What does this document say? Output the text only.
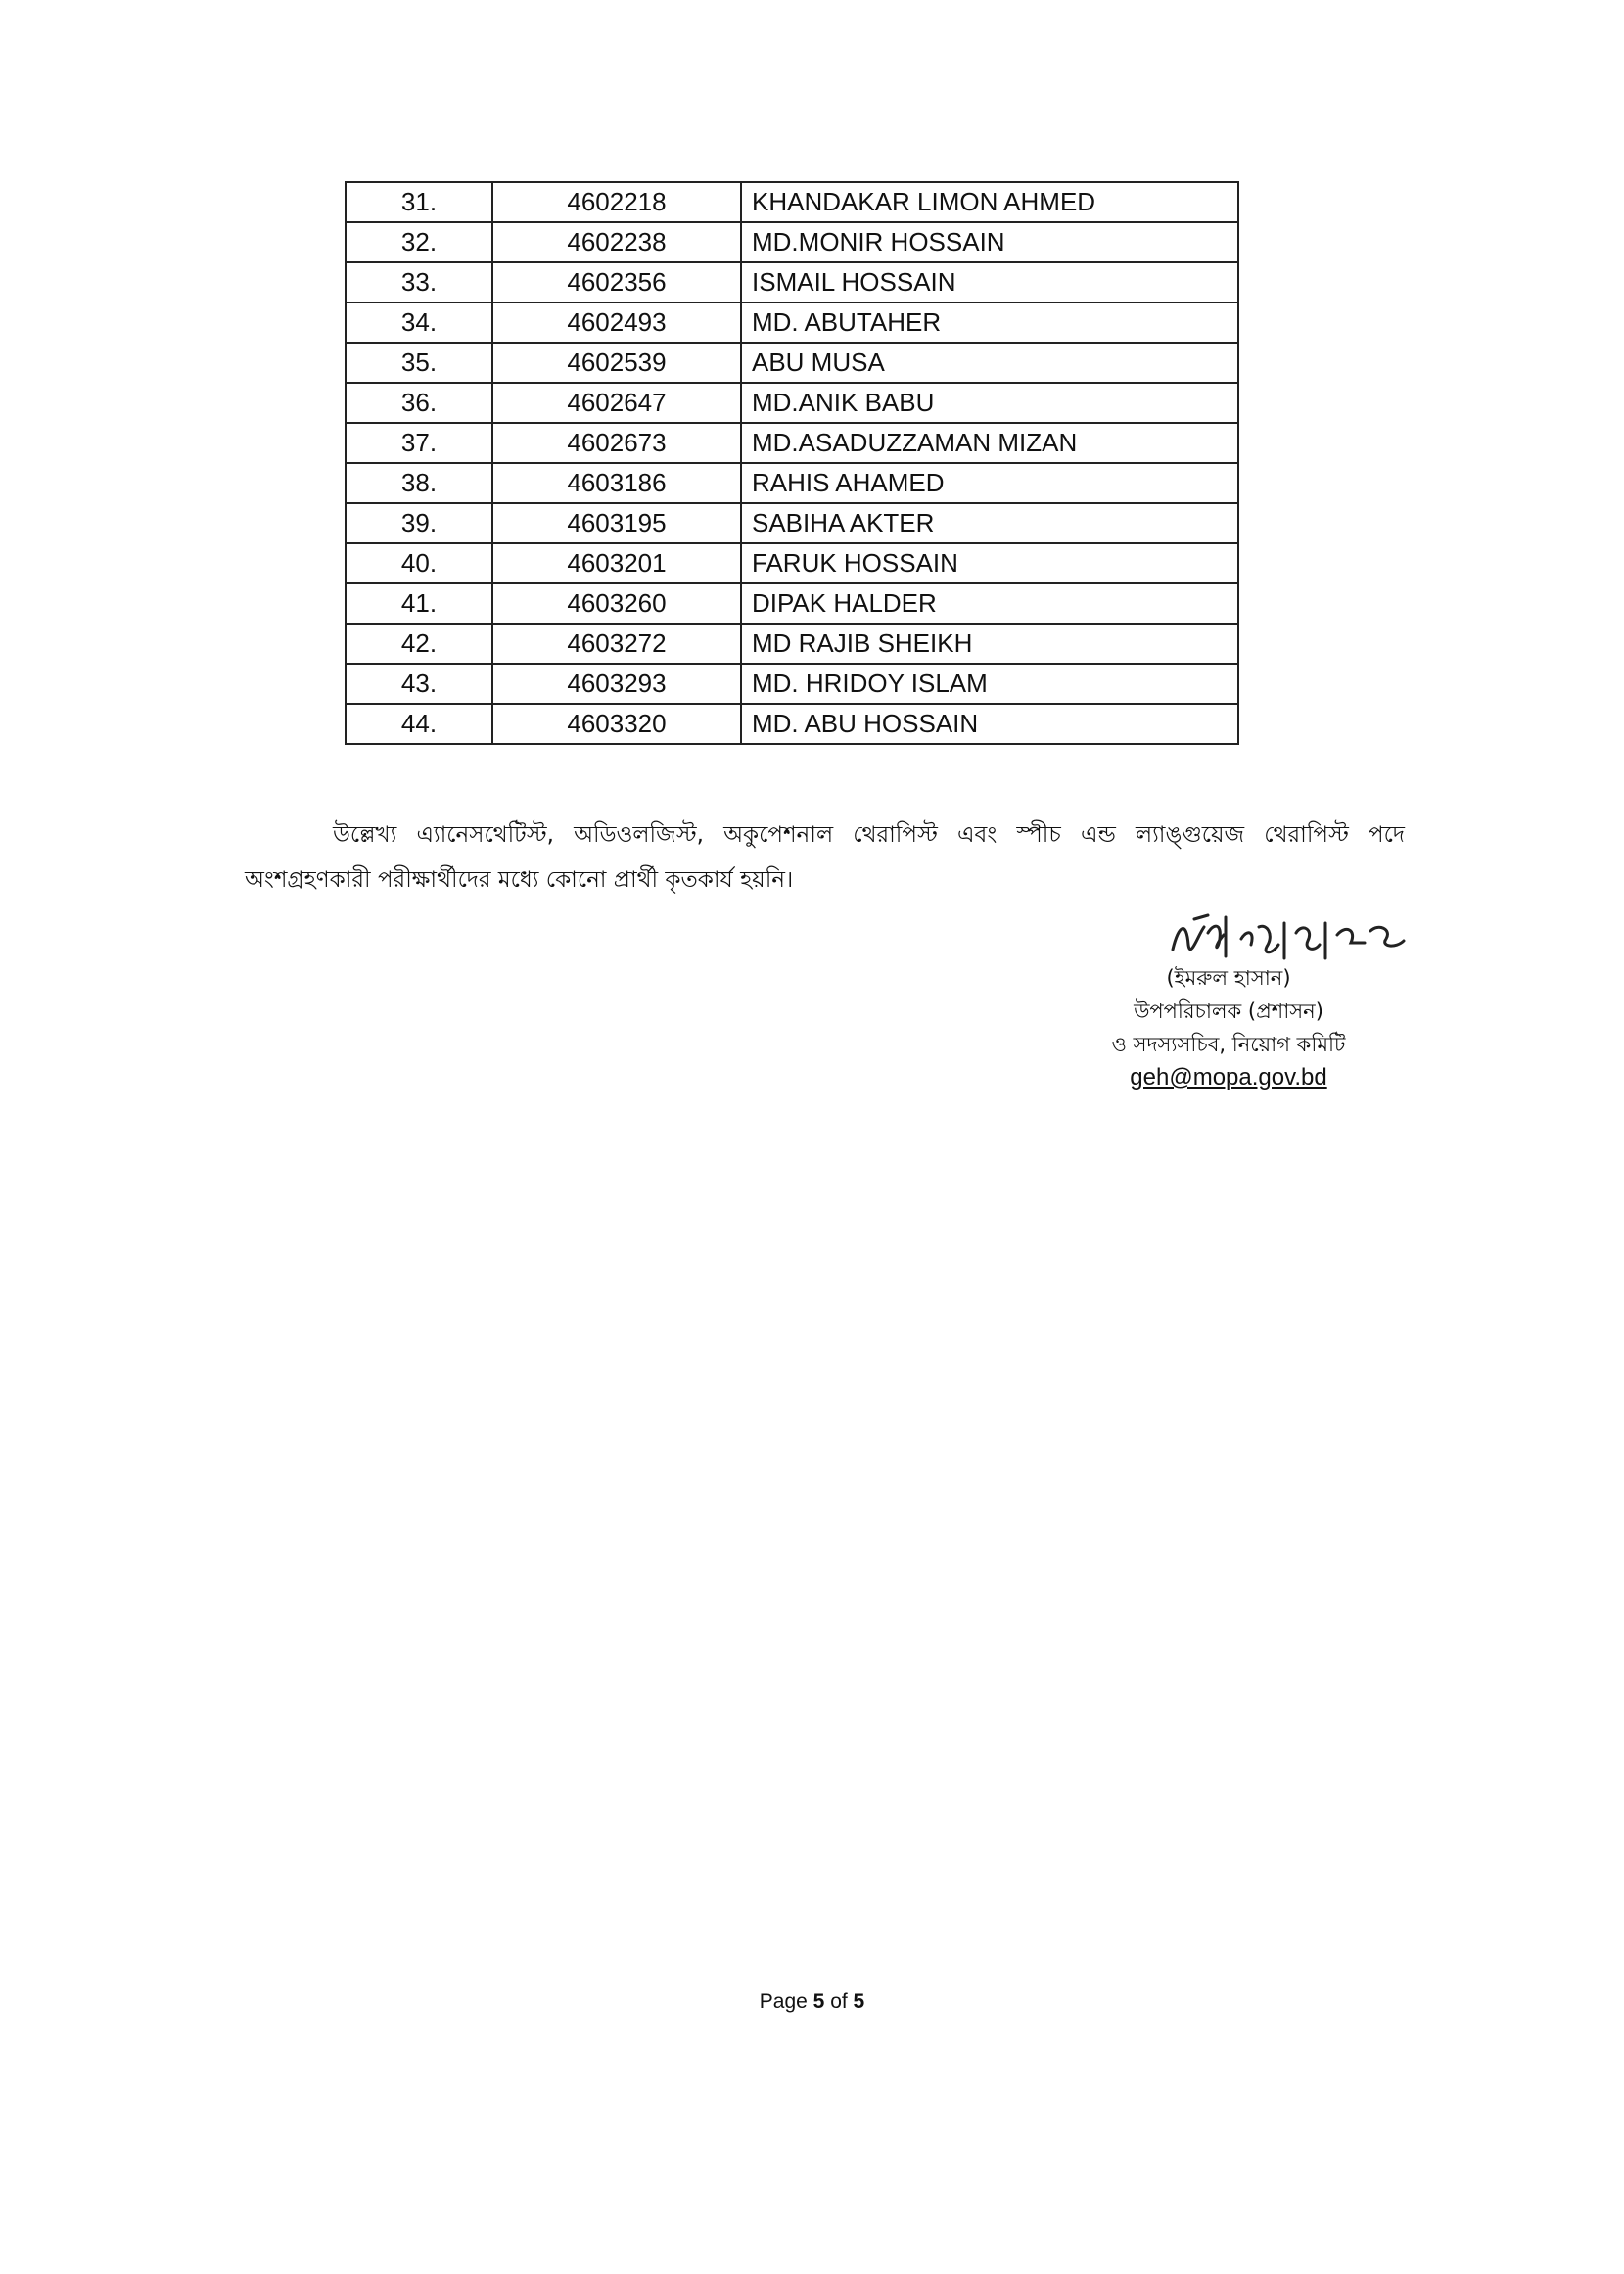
31.	4602218	KHANDAKAR LIMON AHMED
32.	4602238	MD.MONIR HOSSAIN
33.	4602356	ISMAIL HOSSAIN
34.	4602493	MD. ABUTAHER
35.	4602539	ABU MUSA
36.	4602647	MD.ANIK BABU
37.	4602673	MD.ASADUZZAMAN MIZAN
38.	4603186	RAHIS AHAMED
39.	4603195	SABIHA AKTER
40.	4603201	FARUK HOSSAIN
41.	4603260	DIPAK HALDER
42.	4603272	MD RAJIB SHEIKH
43.	4603293	MD. HRIDOY ISLAM
44.	4603320	MD. ABU HOSSAIN

উল্লেখ্য এ্যানেসথেটিস্ট, অডিওলজিস্ট, অকুপেশনাল থেরাপিস্ট এবং স্পীচ এন্ড ল্যাঙ্গুয়েজ থেরাপিস্ট পদে অংশগ্রহণকারী পরীক্ষার্থীদের মধ্যে কোনো প্রার্থী কৃতকার্য হয়নি।

(ইমরুল হাসান)
উপপরিচালক (প্রশাসন)
ও সদস্যসচিব, নিয়োগ কমিটি
geh@mopa.gov.bd
Page 5 of 5
